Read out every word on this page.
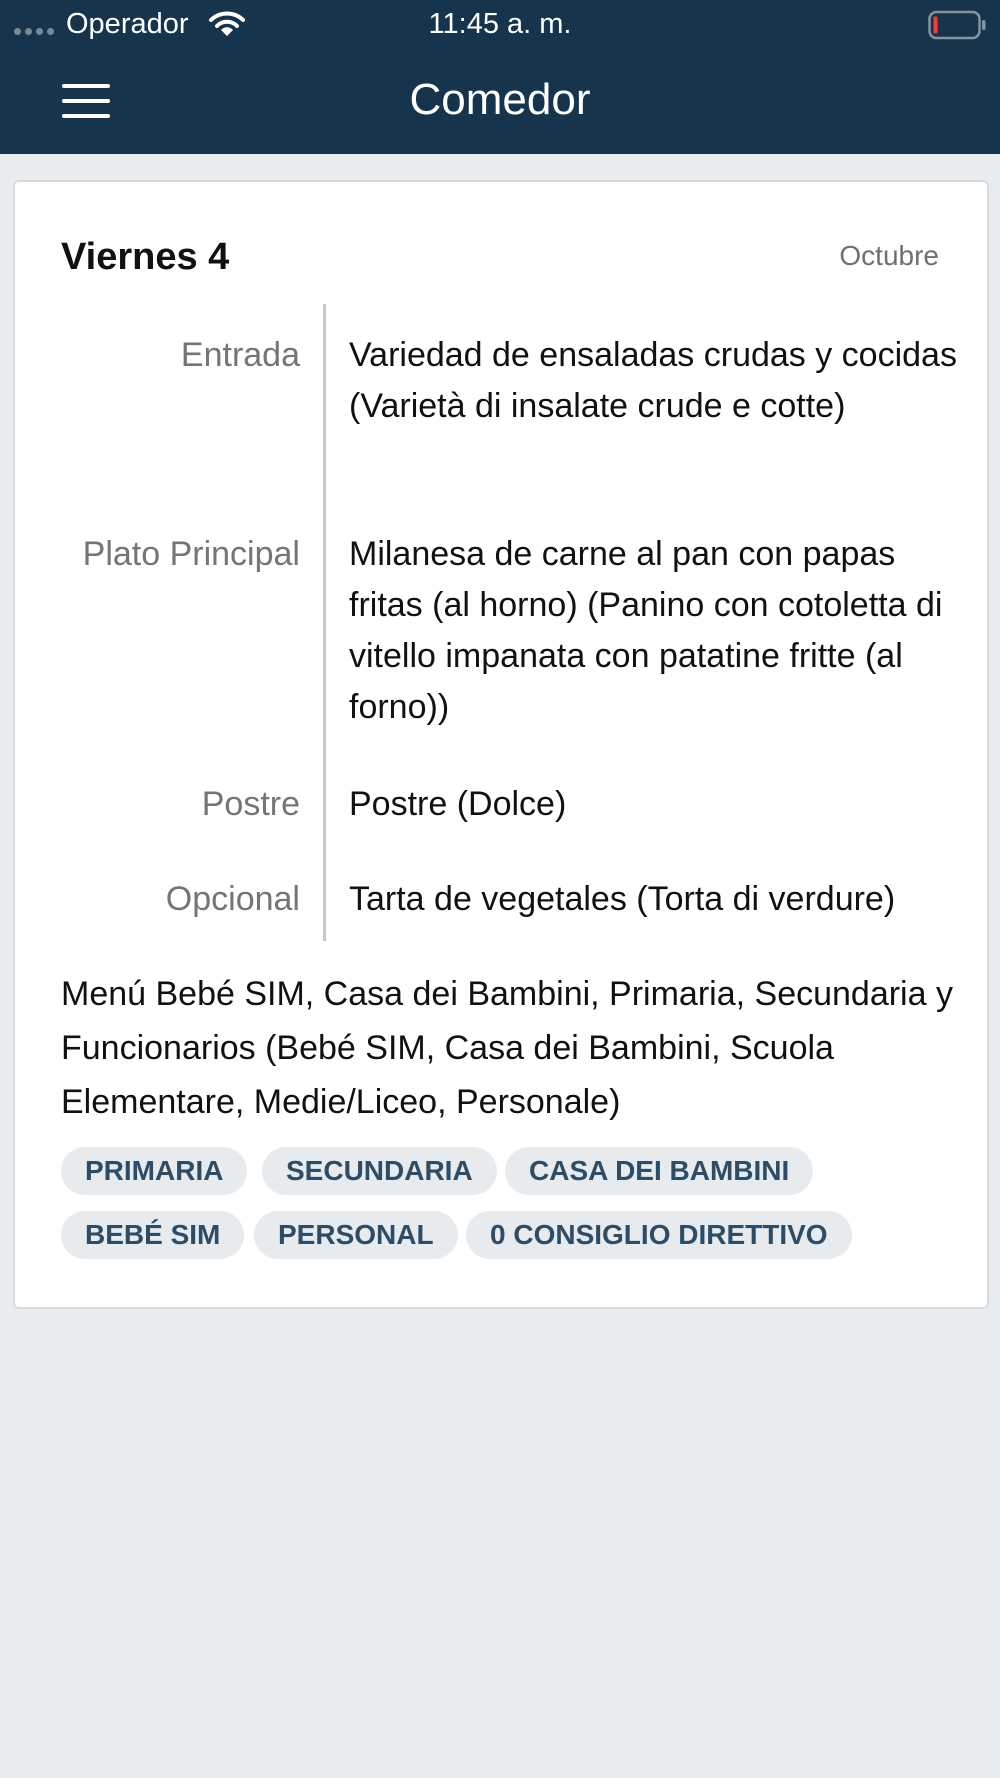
Operador	11:45 a. m.
Comedor
Viernes 4	Octubre
Entrada Variedad de ensaladas crudas y cocidas (Varietà di insalate crude e cotte)
Plato Principal Milanesa de carne al pan con papas fritas (al horno) (Panino con cotoletta di vitello impanata con patatine fritte (al forno))
Postre Postre (Dolce)
Opcional Tarta de vegetales (Torta di verdure)
Menú Bebé SIM, Casa dei Bambini, Primaria, Secundaria y Funcionarios (Bebé SIM, Casa dei Bambini, Scuola Elementare, Medie/Liceo, Personale)
PRIMARIA	SECUNDARIA	CASA DEI BAMBINI
BEBÉ SIM	PERSONAL	0 CONSIGLIO DIRETTIVO
